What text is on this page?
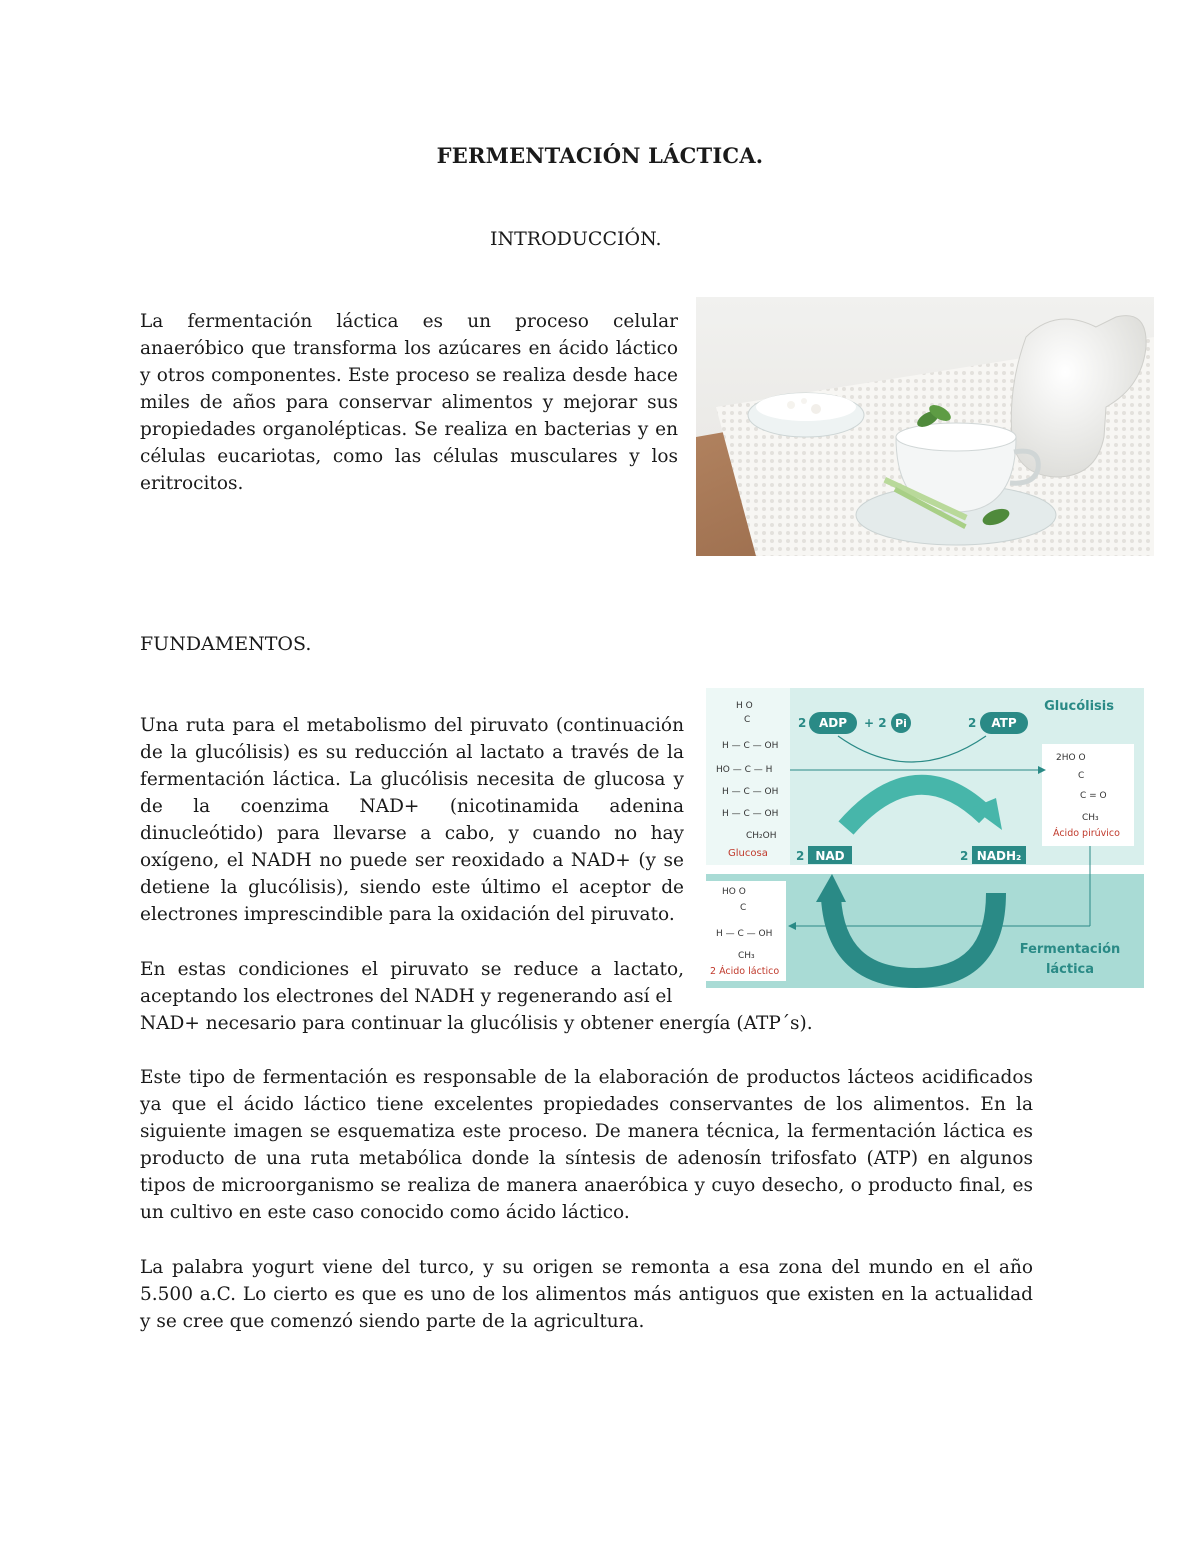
FERMENTACIÓN LÁCTICA.
INTRODUCCIÓN.

La fermentación láctica es un proceso celular anaeróbico que transforma los azúcares en ácido láctico y otros componentes. Este proceso se realiza desde hace miles de años para conservar alimentos y mejorar sus propiedades organolépticas. Se realiza en bacterias y en células eucariotas, como las células musculares y los eritrocitos.

FUNDAMENTOS.

Una ruta para el metabolismo del piruvato (continuación de la glucólisis) es su reducción al lactato a través de la fermentación láctica. La glucólisis necesita de glucosa y de la coenzima NAD+ (nicotinamida adenina dinucleótido) para llevarse a cabo, y cuando no hay oxígeno, el NADH no puede ser reoxidado a NAD+ (y se detiene la glucólisis), siendo este último el aceptor de electrones imprescindible para la oxidación del piruvato.

Glucólisis
Fermentación
láctica
2 ADP + 2 Pi	2 ATP
2 NAD	2 NADH₂
H O
C
H — C — OH
HO — C — H
H — C — OH
H — C — OH
CH₂OH
Glucosa
2HO O
C
C = O
CH₃
Ácido pirúvico
HO O
C
H — C — OH
CH₃
2 Ácido láctico

En estas condiciones el piruvato se reduce a lactato, aceptando los electrones del NADH y regenerando así el

NAD+ necesario para continuar la glucólisis y obtener energía (ATP´s).

Este tipo de fermentación es responsable de la elaboración de productos lácteos acidificados ya que el ácido láctico tiene excelentes propiedades conservantes de los alimentos. En la siguiente imagen se esquematiza este proceso. De manera técnica, la fermentación láctica es producto de una ruta metabólica donde la síntesis de adenosín trifosfato (ATP) en algunos tipos de microorganismo se realiza de manera anaeróbica y cuyo desecho, o producto final, es un cultivo en este caso conocido como ácido láctico.

La palabra yogurt viene del turco, y su origen se remonta a esa zona del mundo en el año 5.500 a.C. Lo cierto es que es uno de los alimentos más antiguos que existen en la actualidad y se cree que comenzó siendo parte de la agricultura.
